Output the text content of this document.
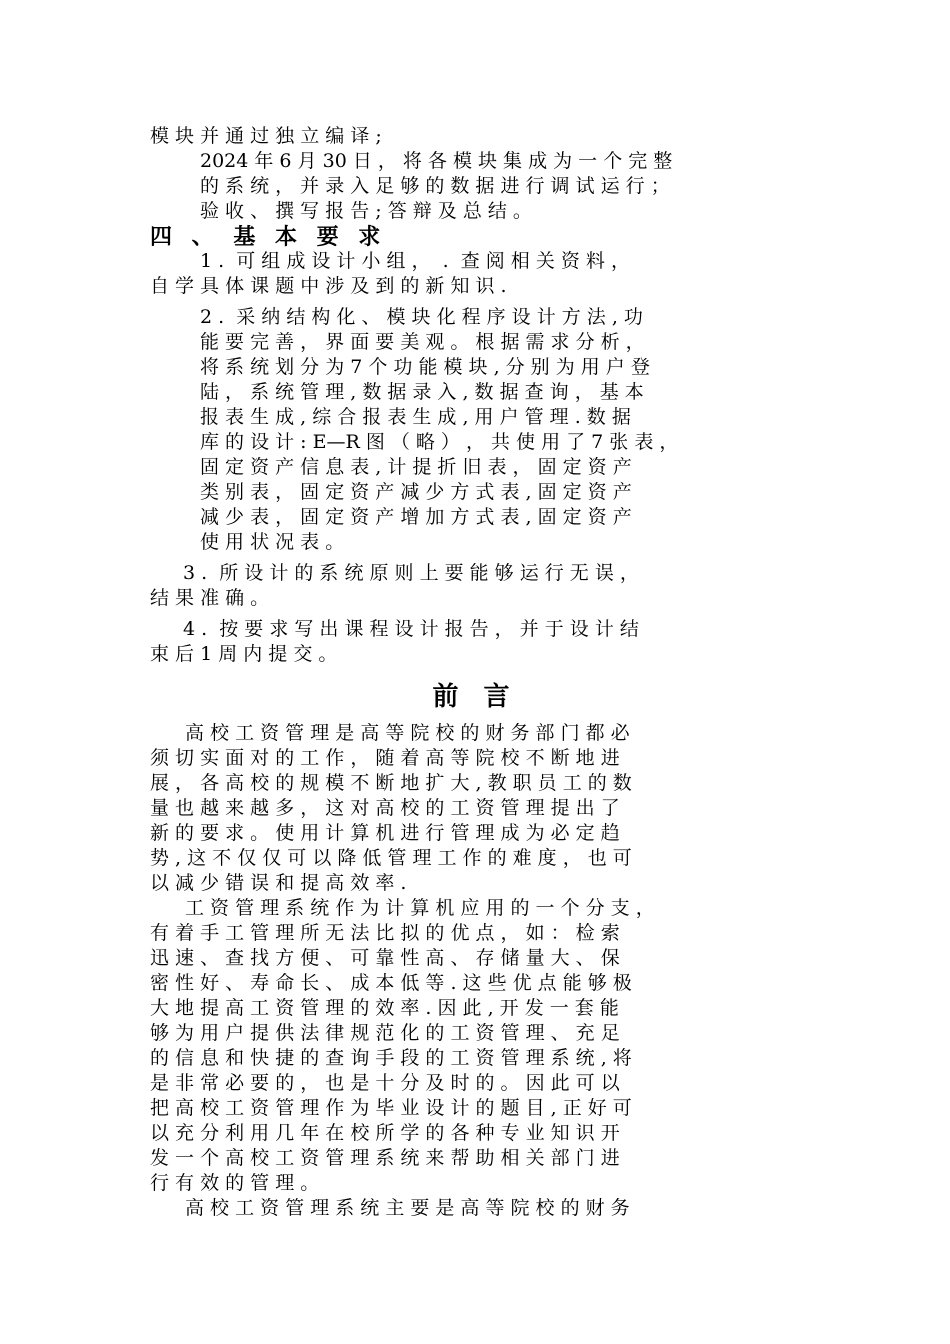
模 块 并 通 过 独 立 编 译 ;
2024 年 6 月 30 日 ， 将 各 模 块 集 成 为 一 个 完 整
的 系 统 ， 并 录 入 足 够 的 数 据 进 行 调 试 运 行 ；
验 收 、 撰 写 报 告 ; 答 辩 及 总 结 。
四 、 基 本 要 求
1 .  可 组 成 设 计 小 组 ，  .  查 阅 相 关 资 料 ，
自 学 具 体 课 题 中 涉 及 到 的 新 知 识 .
2 .  采 纳 结 构 化 、 模 块 化 程 序 设 计 方 法 , 功
能 要 完 善 ， 界 面 要 美 观 。 根 据 需 求 分 析 ，
将 系 统 划 分 为 7 个 功 能 模 块 , 分 别 为 用 户 登
陆 ， 系 统 管 理 , 数 据 录 入 , 数 据 查 询 ， 基 本
报 表 生 成 , 综 合 报 表 生 成 , 用 户 管 理 . 数 据
库 的 设 计 : E—R 图 （ 略 ） ， 共 使 用 了 7 张 表 ，
固 定 资 产 信 息 表 , 计 提 折 旧 表 ， 固 定 资 产
类 别 表 ， 固 定 资 产 减 少 方 式 表 , 固 定 资 产
减 少 表 ， 固 定 资 产 增 加 方 式 表 , 固 定 资 产
使 用 状 况 表 。
3 .  所 设 计 的 系 统 原 则 上 要 能 够 运 行 无 误 ，
结 果 准 确 。
4 .  按 要 求 写 出 课 程 设 计 报 告 ， 并 于 设 计 结
束 后 1 周 内 提 交 。
前 言
高 校 工 资 管 理 是 高 等 院 校 的 财 务 部 门 都 必
须 切 实 面 对 的 工 作 ， 随 着 高 等 院 校 不 断 地 进
展 ， 各 高 校 的 规 模 不 断 地 扩 大 , 教 职 员 工 的 数
量 也 越 来 越 多 ， 这 对 高 校 的 工 资 管 理 提 出 了
新 的 要 求 。 使 用 计 算 机 进 行 管 理 成 为 必 定 趋
势 , 这 不 仅 仅 可 以 降 低 管 理 工 作 的 难 度 ， 也 可
以 减 少 错 误 和 提 高 效 率 .
工 资 管 理 系 统 作 为 计 算 机 应 用 的 一 个 分 支 ，
有 着 手 工 管 理 所 无 法 比 拟 的 优 点 ， 如 ： 检 索
迅 速 、 查 找 方 便 、 可 靠 性 高 、 存 储 量 大 、 保
密 性 好 、 寿 命 长 、 成 本 低 等 . 这 些 优 点 能 够 极
大 地 提 高 工 资 管 理 的 效 率 . 因 此 , 开 发 一 套 能
够 为 用 户 提 供 法 律 规 范 化 的 工 资 管 理 、 充 足
的 信 息 和 快 捷 的 查 询 手 段 的 工 资 管 理 系 统 , 将
是 非 常 必 要 的 ， 也 是 十 分 及 时 的 。 因 此 可 以
把 高 校 工 资 管 理 作 为 毕 业 设 计 的 题 目 , 正 好 可
以 充 分 利 用 几 年 在 校 所 学 的 各 种 专 业 知 识 开
发 一 个 高 校 工 资 管 理 系 统 来 帮 助 相 关 部 门 进
行 有 效 的 管 理 。
高 校 工 资 管 理 系 统 主 要 是 高 等 院 校 的 财 务
